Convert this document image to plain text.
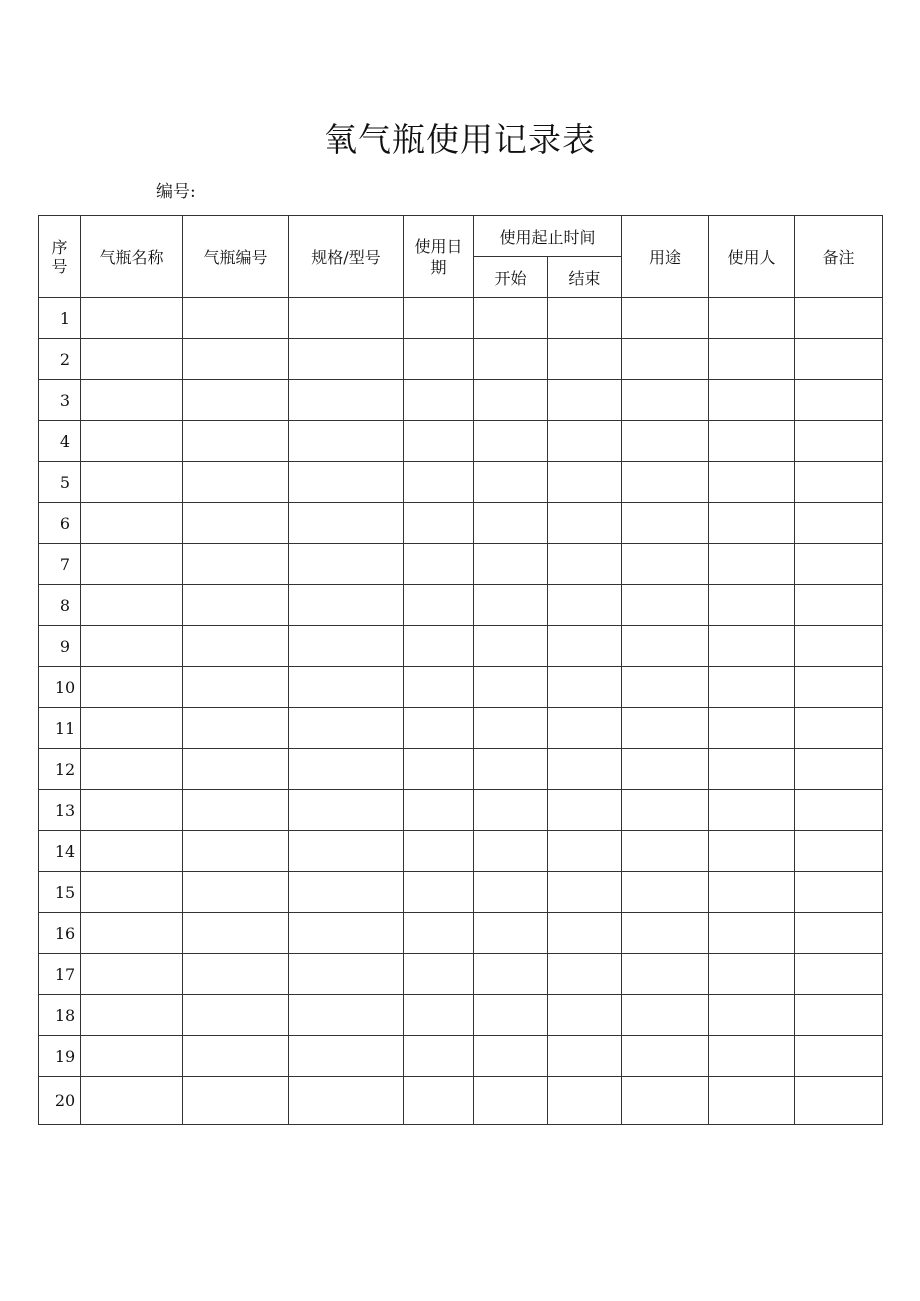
氧气瓶使用记录表
编号:
序号	气瓶名称	气瓶编号	规格/型号	使用日期	使用起止时间		用途	使用人	备注
					开始	结束			
1									
2									
3									
4									
5									
6									
7									
8									
9									
10									
11									
12									
13									
14									
15									
16									
17									
18									
19									
20									
